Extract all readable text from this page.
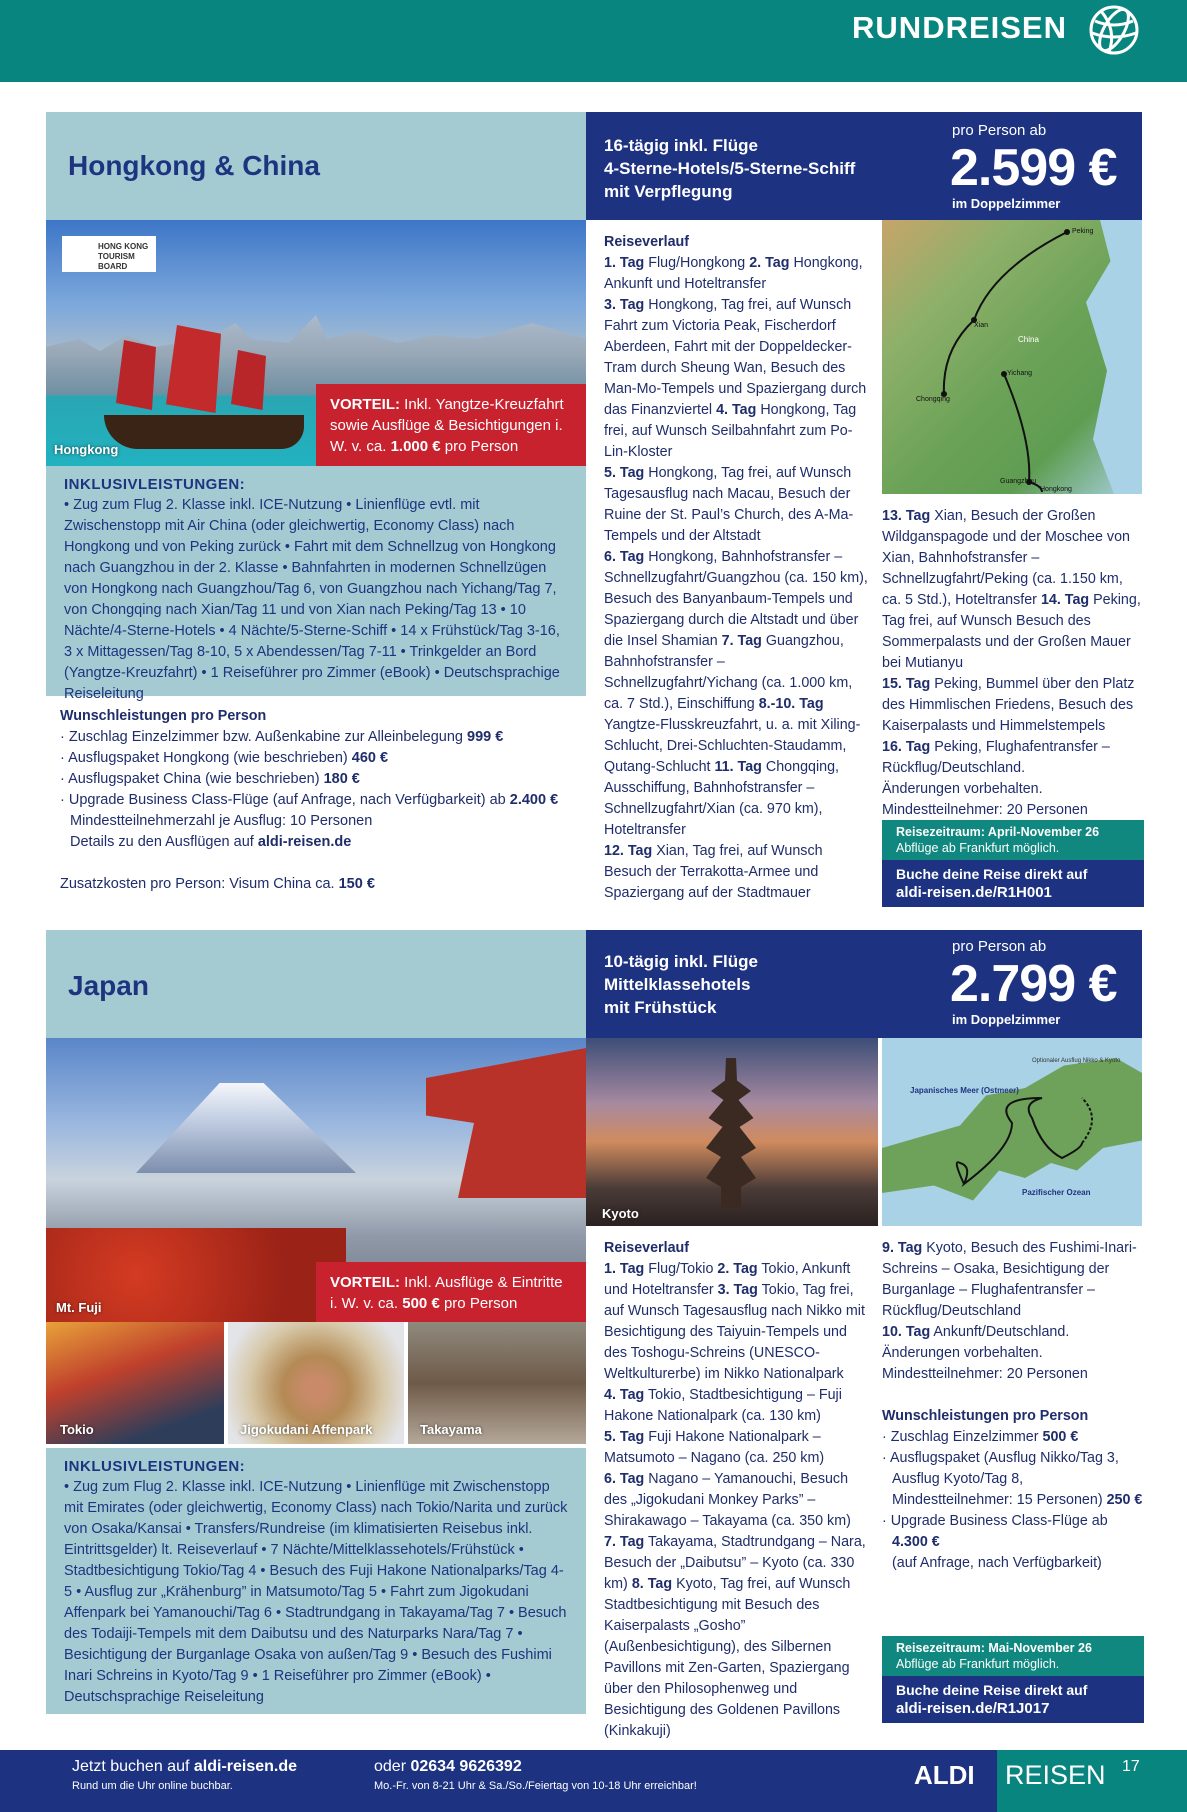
RUNDREISEN
Hongkong & China
16-tägig inkl. Flüge
4-Sterne-Hotels/5-Sterne-Schiff
mit Verpflegung
pro Person ab
2.599 €
im Doppelzimmer
HONG KONG TOURISM BOARD
Hongkong
VORTEIL: Inkl. Yangtze-Kreuzfahrt sowie Ausflüge & Besichtigungen i. W. v. ca. 1.000 € pro Person
INKLUSIVLEISTUNGEN:

• Zug zum Flug 2. Klasse inkl. ICE-Nutzung • Linienflüge evtl. mit Zwischenstopp mit Air China (oder gleichwertig, Economy Class) nach Hongkong und von Peking zurück • Fahrt mit dem Schnellzug von Hongkong nach Guangzhou in der 2. Klasse • Bahnfahrten in modernen Schnellzügen von Hongkong nach Guangzhou/Tag 6, von Guangzhou nach Yichang/Tag 7, von Chongqing nach Xian/Tag 11 und von Xian nach Peking/Tag 13 • 10 Nächte/4-Sterne-Hotels • 4 Nächte/5-Sterne-Schiff • 14 x Frühstück/Tag 3-16, 3 x Mittagessen/Tag 8-10, 5 x Abendessen/Tag 7-11 • Trinkgelder an Bord (Yangtze-Kreuzfahrt) • 1 Reiseführer pro Zimmer (eBook) • Deutschsprachige Reiseleitung

Wunschleistungen pro Person
· Zuschlag Einzelzimmer bzw. Außenkabine zur Alleinbelegung 999 €
· Ausflugspaket Hongkong (wie beschrieben) 460 €
· Ausflugspaket China (wie beschrieben) 180 €
· Upgrade Business Class-Flüge (auf Anfrage, nach Verfügbarkeit) ab 2.400 €
Mindestteilnehmerzahl je Ausflug: 10 Personen
Details zu den Ausflügen auf aldi-reisen.de
Zusatzkosten pro Person: Visum China ca. 150 €
Reiseverlauf
1. Tag Flug/Hongkong 2. Tag Hongkong, Ankunft und Hoteltransfer
3. Tag Hongkong, Tag frei, auf Wunsch Fahrt zum Victoria Peak, Fischerdorf Aberdeen, Fahrt mit der Doppeldecker-Tram durch Sheung Wan, Besuch des Man-Mo-Tempels und Spaziergang durch das Finanzviertel 4. Tag Hongkong, Tag frei, auf Wunsch Seilbahnfahrt zum Po-Lin-Kloster
5. Tag Hongkong, Tag frei, auf Wunsch Tagesausflug nach Macau, Besuch der Ruine der St. Paul’s Church, des A-Ma-Tempels und der Altstadt
6. Tag Hongkong, Bahnhofstransfer – Schnellzugfahrt/Guangzhou (ca. 150 km), Besuch des Banyanbaum-Tempels und Spaziergang durch die Altstadt und über die Insel Shamian 7. Tag Guangzhou, Bahnhofstransfer – Schnellzugfahrt/Yichang (ca. 1.000 km, ca. 7 Std.), Einschiffung 8.-10. Tag Yangtze-Flusskreuzfahrt, u. a. mit Xiling-Schlucht, Drei-Schluchten-Staudamm, Qutang-Schlucht 11. Tag Chongqing, Ausschiffung, Bahnhofstransfer – Schnellzugfahrt/Xian (ca. 970 km), Hoteltransfer
12. Tag Xian, Tag frei, auf Wunsch Besuch der Terrakotta-Armee und Spaziergang auf der Stadtmauer
Peking
Xian
China
Yichang
Chongqing
Guangzhou
Hongkong
13. Tag Xian, Besuch der Großen Wildganspagode und der Moschee von Xian, Bahnhofstransfer – Schnellzugfahrt/Peking (ca. 1.150 km, ca. 5 Std.), Hoteltransfer 14. Tag Peking, Tag frei, auf Wunsch Besuch des Sommerpalasts und der Großen Mauer bei Mutianyu
15. Tag Peking, Bummel über den Platz des Himmlischen Friedens, Besuch des Kaiserpalasts und Himmelstempels
16. Tag Peking, Flughafentransfer – Rückflug/Deutschland.
Änderungen vorbehalten.
Mindestteilnehmer: 20 Personen
Reisezeitraum: April-November 26
Abflüge ab Frankfurt möglich.
Buche deine Reise direkt auf
aldi-reisen.de/R1H001
Japan
10-tägig inkl. Flüge
Mittelklassehotels
mit Frühstück
pro Person ab
2.799 €
im Doppelzimmer
Mt. Fuji
VORTEIL: Inkl. Ausflüge & Eintritte i. W. v. ca. 500 € pro Person
Tokio	Jigokudani Affenpark	Takayama
Kyoto
Japanisches Meer (Ostmeer)
Optionaler Ausflug Nikko & Kyoto
Pazifischer Ozean
INKLUSIVLEISTUNGEN:

• Zug zum Flug 2. Klasse inkl. ICE-Nutzung • Linienflüge mit Zwischenstopp mit Emirates (oder gleichwertig, Economy Class) nach Tokio/Narita und zurück von Osaka/Kansai • Transfers/Rundreise (im klimatisierten Reisebus inkl. Eintrittsgelder) lt. Reiseverlauf • 7 Nächte/Mittelklassehotels/Frühstück • Stadtbesichtigung Tokio/Tag 4 • Besuch des Fuji Hakone Nationalparks/Tag 4-5 • Ausflug zur „Krähenburg” in Matsumoto/Tag 5 • Fahrt zum Jigokudani Affenpark bei Yamanouchi/Tag 6 • Stadtrundgang in Takayama/Tag 7 • Besuch des Todaiji-Tempels mit dem Daibutsu und des Naturparks Nara/Tag 7 • Besichtigung der Burganlage Osaka von außen/Tag 9 • Besuch des Fushimi Inari Schreins in Kyoto/Tag 9 • 1 Reiseführer pro Zimmer (eBook) • Deutschsprachige Reiseleitung

Reiseverlauf
1. Tag Flug/Tokio 2. Tag Tokio, Ankunft und Hoteltransfer 3. Tag Tokio, Tag frei, auf Wunsch Tagesausflug nach Nikko mit Besichtigung des Taiyuin-Tempels und des Toshogu-Schreins (UNESCO-Weltkulturerbe) im Nikko Nationalpark
4. Tag Tokio, Stadtbesichtigung – Fuji Hakone Nationalpark (ca. 130 km)
5. Tag Fuji Hakone Nationalpark – Matsumoto – Nagano (ca. 250 km)
6. Tag Nagano – Yamanouchi, Besuch des „Jigokudani Monkey Parks” – Shirakawago – Takayama (ca. 350 km)
7. Tag Takayama, Stadtrundgang – Nara, Besuch der „Daibutsu” – Kyoto (ca. 330 km) 8. Tag Kyoto, Tag frei, auf Wunsch Stadtbesichtigung mit Besuch des Kaiserpalasts „Gosho” (Außenbesichtigung), des Silbernen Pavillons mit Zen-Garten, Spaziergang über den Philosophenweg und Besichtigung des Goldenen Pavillons (Kinkakuji)
9. Tag Kyoto, Besuch des Fushimi-Inari-Schreins – Osaka, Besichtigung der Burganlage – Flughafentransfer – Rückflug/Deutschland
10. Tag Ankunft/Deutschland.
Änderungen vorbehalten.
Mindestteilnehmer: 20 Personen
Wunschleistungen pro Person
· Zuschlag Einzelzimmer 500 €
· Ausflugspaket (Ausflug Nikko/Tag 3, Ausflug Kyoto/Tag 8, Mindestteilnehmer: 15 Personen) 250 €
· Upgrade Business Class-Flüge ab 4.300 €
(auf Anfrage, nach Verfügbarkeit)
Reisezeitraum: Mai-November 26
Abflüge ab Frankfurt möglich.
Buche deine Reise direkt auf
aldi-reisen.de/R1J017
Jetzt buchen auf aldi-reisen.de
Rund um die Uhr online buchbar.
oder 02634 9626392
Mo.-Fr. von 8-21 Uhr & Sa./So./Feiertag von 10-18 Uhr erreichbar!	ALDI REISEN 17
